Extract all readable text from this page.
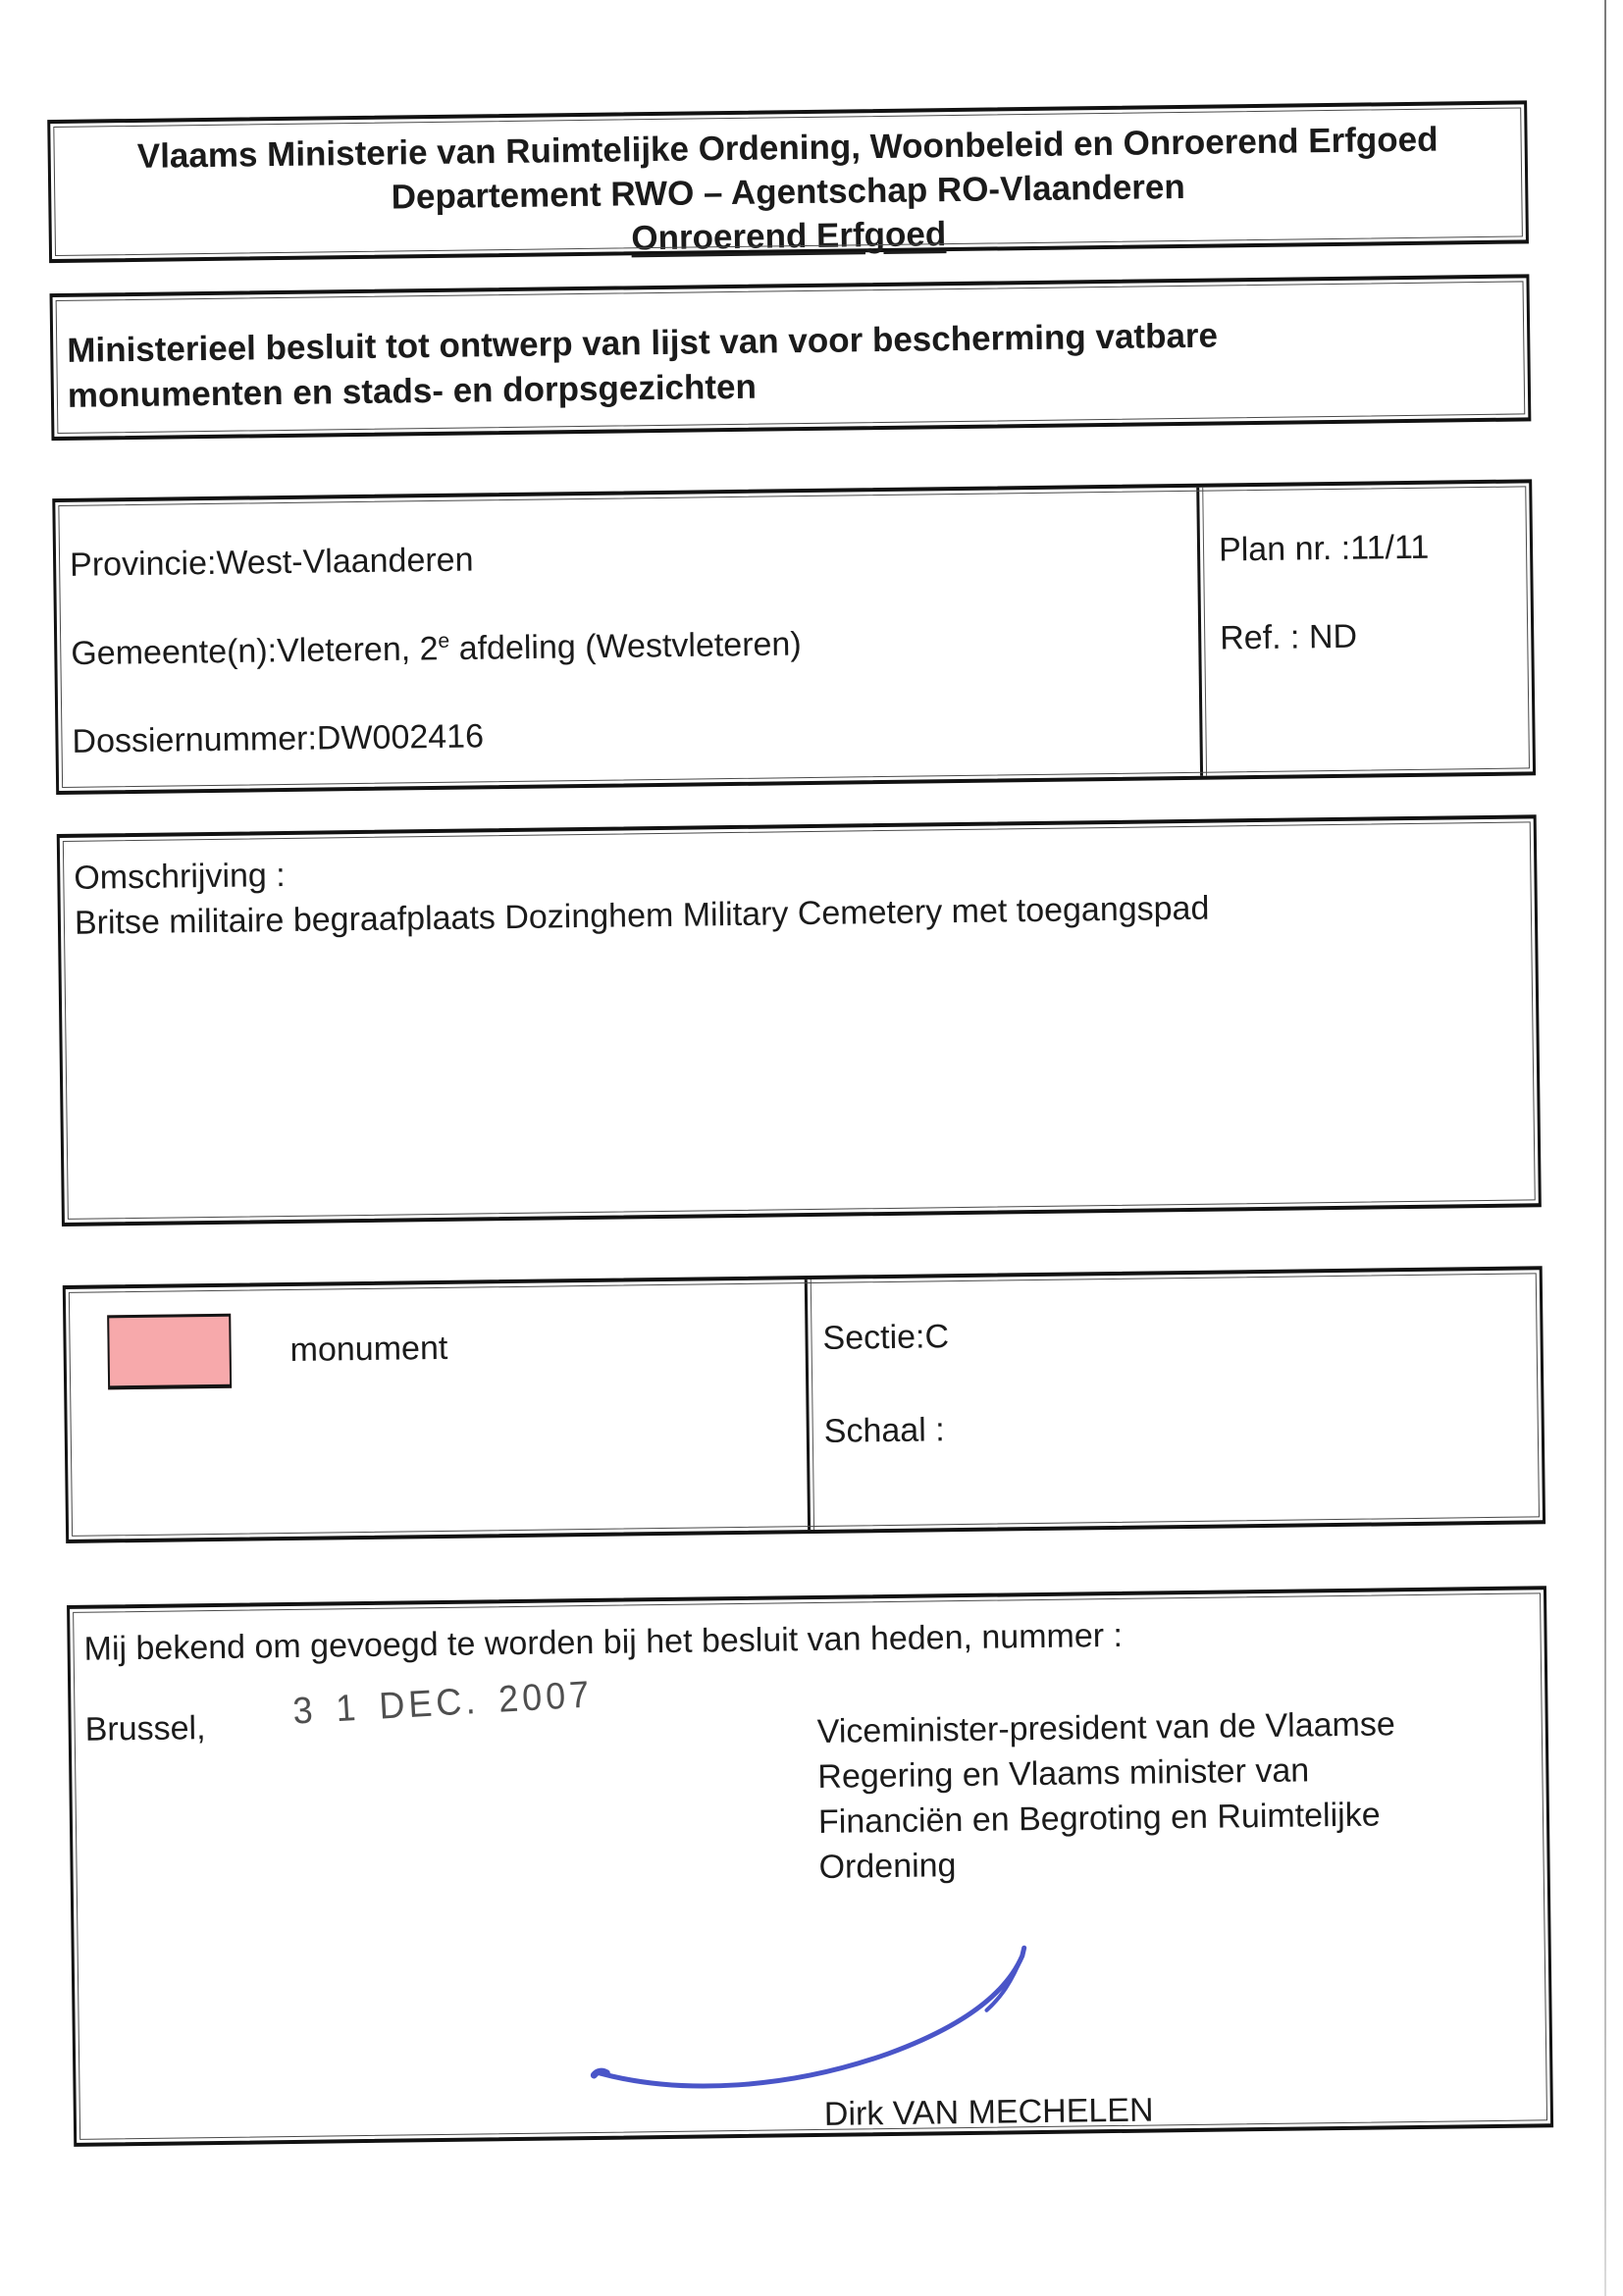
Vlaams Ministerie van Ruimtelijke Ordening, Woonbeleid en Onroerend Erfgoed
Departement RWO – Agentschap RO-Vlaanderen
Onroerend Erfgoed
Ministerieel besluit tot ontwerp van lijst van voor bescherming vatbare
monumenten en stads- en dorpsgezichten
Provincie:West-Vlaanderen
Gemeente(n):Vleteren, 2e afdeling (Westvleteren)
Dossiernummer:DW002416
Plan nr. :11/11
Ref. : ND
Omschrijving :
Britse militaire begraafplaats Dozinghem Military Cemetery met toegangspad
monument	Sectie:C
Schaal :
Mij bekend om gevoegd te worden bij het besluit van heden, nummer :
Brussel, 3 1 DEC. 2007	Viceminister-president van de Vlaamse
Regering en Vlaams minister van
Financiën en Begroting en Ruimtelijke
Ordening
Dirk VAN MECHELEN
